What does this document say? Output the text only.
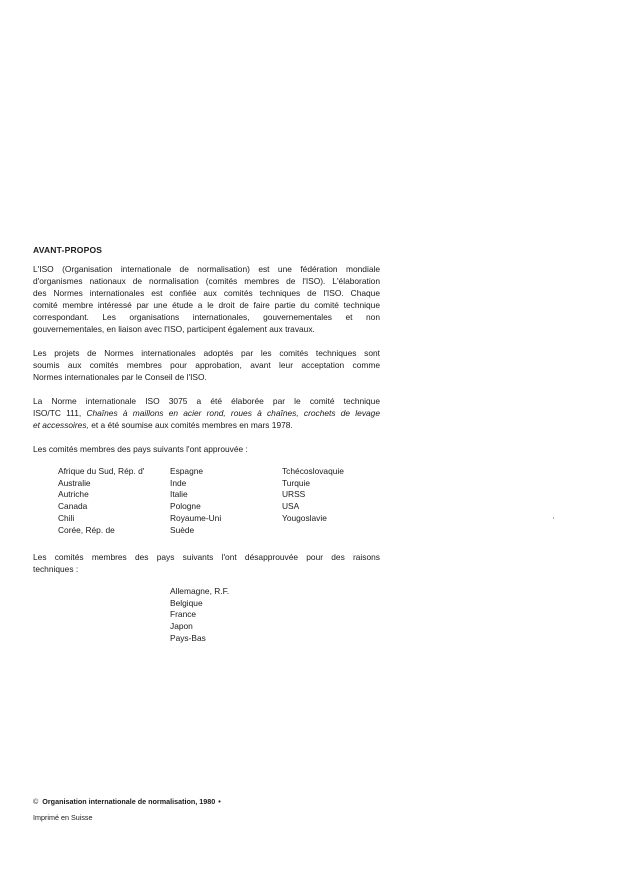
AVANT-PROPOS
L'ISO (Organisation internationale de normalisation) est une fédération mondiale
d'organismes nationaux de normalisation (comités membres de l'ISO). L'élaboration
des Normes internationales est confiée aux comités techniques de l'ISO. Chaque
comité membre intéressé par une étude a le droit de faire partie du comité technique
correspondant. Les organisations internationales, gouvernementales et non
gouvernementales, en liaison avec l'ISO, participent également aux travaux.
Les projets de Normes internationales adoptés par les comités techniques sont
soumis aux comités membres pour approbation, avant leur acceptation comme
Normes internationales par le Conseil de l'ISO.
La Norme internationale ISO 3075 a été élaborée par le comité technique
ISO/TC 111, Chaînes à maillons en acier rond, roues à chaînes, crochets de levage
et accessoires, et a été soumise aux comités membres en mars 1978.
Les comités membres des pays suivants l'ont approuvée :
Afrique du Sud, Rép. d'
Australie
Autriche
Canada
Chili
Corée, Rép. de
Espagne
Inde
Italie
Pologne
Royaume-Uni
Suède
Tchécoslovaquie
Turquie
URSS
USA
Yougoslavie
Les comités membres des pays suivants l'ont désapprouvée pour des raisons
techniques :
Allemagne, R.F.
Belgique
France
Japon
Pays-Bas
© Organisation internationale de normalisation, 1980 •
Imprimé en Suisse
